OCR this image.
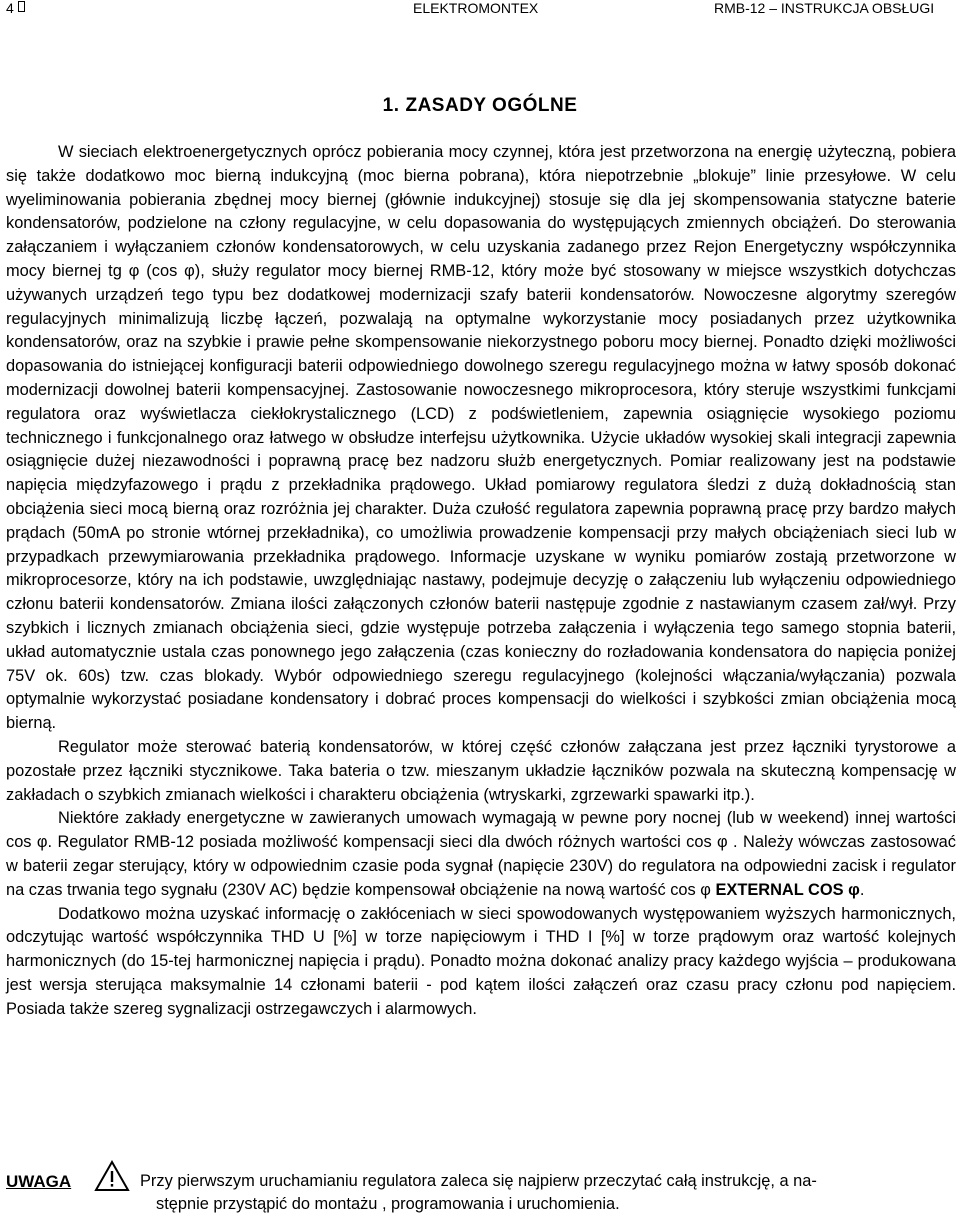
4	ELEKTROMONTEX	RMB-12 – INSTRUKCJA OBSŁUGI
1. ZASADY OGÓLNE

W sieciach elektroenergetycznych oprócz pobierania mocy czynnej, która jest przetworzona na energię użyteczną, pobiera się także dodatkowo moc bierną indukcyjną (moc bierna pobrana), która niepotrzebnie „blokuje” linie przesyłowe. W celu wyeliminowania pobierania zbędnej mocy biernej (głównie indukcyjnej) stosuje się dla jej skompensowania statyczne baterie kondensatorów, podzielone na człony regulacyjne, w celu dopasowania do występujących zmiennych obciążeń. Do sterowania załączaniem i wyłączaniem członów kondensatorowych, w celu uzyskania zadanego przez Rejon Energetyczny współczynnika mocy biernej tg φ (cos φ), służy regulator mocy biernej RMB-12, który może być stosowany w miejsce wszystkich dotychczas używanych urządzeń tego typu bez dodatkowej modernizacji szafy baterii kondensatorów. Nowoczesne algorytmy szeregów regulacyjnych minimalizują liczbę łączeń, pozwalają na optymalne wykorzystanie mocy posiadanych przez użytkownika kondensatorów, oraz na szybkie i prawie pełne skompensowanie niekorzystnego poboru mocy biernej. Ponadto dzięki możliwości dopasowania do istniejącej konfiguracji baterii odpowiedniego dowolnego szeregu regulacyjnego można w łatwy sposób dokonać modernizacji dowolnej baterii kompensacyjnej. Zastosowanie nowoczesnego mikroprocesora, który steruje wszystkimi funkcjami regulatora oraz wyświetlacza ciekłokrystalicznego (LCD) z podświetleniem, zapewnia osiągnięcie wysokiego poziomu technicznego i funkcjonalnego oraz łatwego w obsłudze interfejsu użytkownika. Użycie układów wysokiej skali integracji zapewnia osiągnięcie dużej niezawodności i poprawną pracę bez nadzoru służb energetycznych. Pomiar realizowany jest na podstawie napięcia międzyfazowego i prądu z przekładnika prądowego. Układ pomiarowy regulatora śledzi z dużą dokładnością stan obciążenia sieci mocą bierną oraz rozróżnia jej charakter. Duża czułość regulatora zapewnia poprawną pracę przy bardzo małych prądach (50mA po stronie wtórnej przekładnika), co umożliwia prowadzenie kompensacji przy małych obciążeniach sieci lub w przypadkach przewymiarowania przekładnika prądowego. Informacje uzyskane w wyniku pomiarów zostają przetworzone w mikroprocesorze, który na ich podstawie, uwzględniając nastawy, podejmuje decyzję o załączeniu lub wyłączeniu odpowiedniego członu baterii kondensatorów. Zmiana ilości załączonych członów baterii następuje zgodnie z nastawianym czasem zał/wył. Przy szybkich i licznych zmianach obciążenia sieci, gdzie występuje potrzeba załączenia i wyłączenia tego samego stopnia baterii, układ automatycznie ustala czas ponownego jego załączenia (czas konieczny do rozładowania kondensatora do napięcia poniżej 75V ok. 60s) tzw. czas blokady. Wybór odpowiedniego szeregu regulacyjnego (kolejności włączania/wyłączania) pozwala optymalnie wykorzystać posiadane kondensatory i dobrać proces kompensacji do wielkości i szybkości zmian obciążenia mocą bierną.

Regulator może sterować baterią kondensatorów, w której część członów załączana jest przez łączniki tyrystorowe a pozostałe przez łączniki stycznikowe. Taka bateria o tzw. mieszanym układzie łączników pozwala na skuteczną kompensację w zakładach o szybkich zmianach wielkości i charakteru obciążenia (wtryskarki, zgrzewarki spawarki itp.).

Niektóre zakłady energetyczne w zawieranych umowach wymagają w pewne pory nocnej (lub w weekend) innej wartości cos φ. Regulator RMB-12 posiada możliwość kompensacji sieci dla dwóch różnych wartości cos φ . Należy wówczas zastosować w baterii zegar sterujący, który w odpowiednim czasie poda sygnał (napięcie 230V) do regulatora na odpowiedni zacisk i regulator na czas trwania tego sygnału (230V AC) będzie kompensował obciążenie na nową wartość cos φ EXTERNAL COS φ.

Dodatkowo można uzyskać informację o zakłóceniach w sieci spowodowanych występowaniem wyższych harmonicznych, odczytując wartość współczynnika THD U [%] w torze napięciowym i THD I [%] w torze prądowym oraz wartość kolejnych harmonicznych (do 15-tej harmonicznej napięcia i prądu). Ponadto można dokonać analizy pracy każdego wyjścia – produkowana jest wersja sterująca maksymalnie 14 członami baterii - pod kątem ilości załączeń oraz czasu pracy członu pod napięciem. Posiada także szereg sygnalizacji ostrzegawczych i alarmowych.

UWAGA	Przy pierwszym uruchamianiu regulatora zaleca się najpierw przeczytać całą instrukcję, a na-
stępnie przystąpić do montażu , programowania i uruchomienia.
